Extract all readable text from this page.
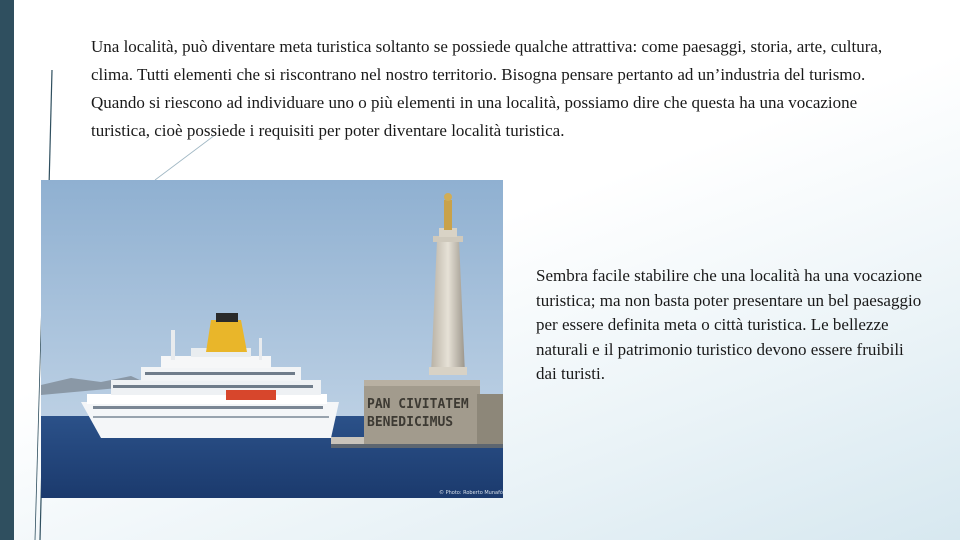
Una località, può diventare meta turistica soltanto se possiede qualche attrattiva: come paesaggi, storia, arte, cultura, clima. Tutti elementi che si riscontrano nel nostro territorio. Bisogna pensare pertanto ad un’industria del turismo. Quando si riescono ad individuare uno o più elementi in una località, possiamo dire che questa ha una vocazione turistica, cioè possiede i requisiti per poter diventare località turistica.

PAN CIVITATEM
BENEDICIMUS
© Photo: Roberto Munafò

Sembra facile stabilire che una località ha una vocazione turistica; ma non basta poter presentare un bel paesaggio per essere definita meta o città turistica. Le bellezze naturali e il patrimonio turistico devono essere fruibili dai turisti.
